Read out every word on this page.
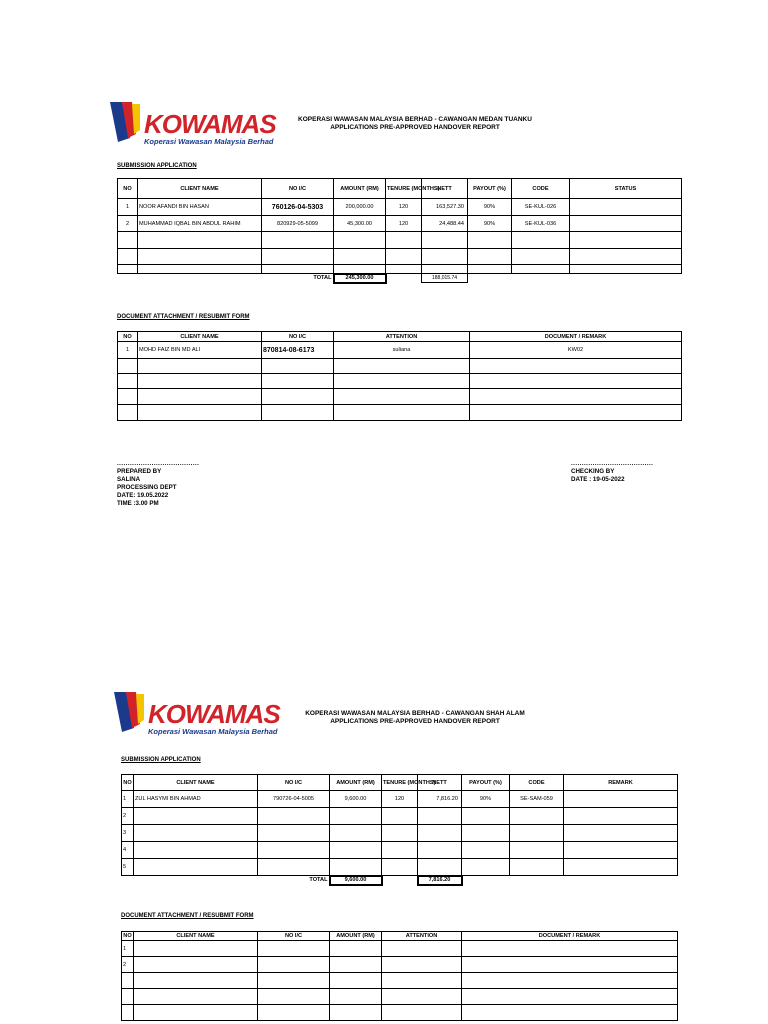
KOWAMAS
Koperasi Wawasan Malaysia Berhad
KOPERASI WAWASAN MALAYSIA BERHAD - CAWANGAN MEDAN TUANKU
APPLICATIONS PRE-APPROVED HANDOVER REPORT
SUBMISSION APPLICATION
NO	CLIENT NAME	NO I/C	AMOUNT (RM)	TENURE (MONTHS)	NETT	PAYOUT (%)	CODE	STATUS
1	NOOR AFANDI BIN HASAN	760126-04-5303	200,000.00	120	163,527.30	90%	SE-KUL-026	
2	MUHAMMAD IQBAL BIN ABDUL RAHIM	820929-05-5099	45,300.00	120	24,488.44	90%	SE-KUL-036	

TOTAL			245,300.00		188,015.74			
DOCUMENT ATTACHMENT / RESUBMIT FORM
NO	CLIENT NAME	NO I/C	ATTENTION	DOCUMENT / REMARK
1	MOHD FAIZ BIN MD ALI	870814-08-6173	suliana	KW02

......................................
PREPARED BY
SALINA
PROCESSING DEPT
DATE: 19.05.2022
TIME :3.00 PM
......................................
CHECKING BY
DATE : 19-05-2022
KOWAMAS
Koperasi Wawasan Malaysia Berhad
KOPERASI WAWASAN MALAYSIA BERHAD - CAWANGAN SHAH ALAM
APPLICATIONS PRE-APPROVED HANDOVER REPORT
SUBMISSION APPLICATION
NO	CLIENT NAME	NO I/C	AMOUNT (RM)	TENURE (MONTHS)	NETT	PAYOUT (%)	CODE	REMARK
1	ZUL HASYMI BIN AHMAD	790726-04-5005	9,600.00	120	7,816.20	90%	SE-SAM-059	
2								
3								
4								
5								
TOTAL			9,600.00		7,816.20			
DOCUMENT ATTACHMENT / RESUBMIT FORM
NO	CLIENT NAME	NO I/C	AMOUNT (RM)	ATTENTION	DOCUMENT / REMARK
1					
2					
